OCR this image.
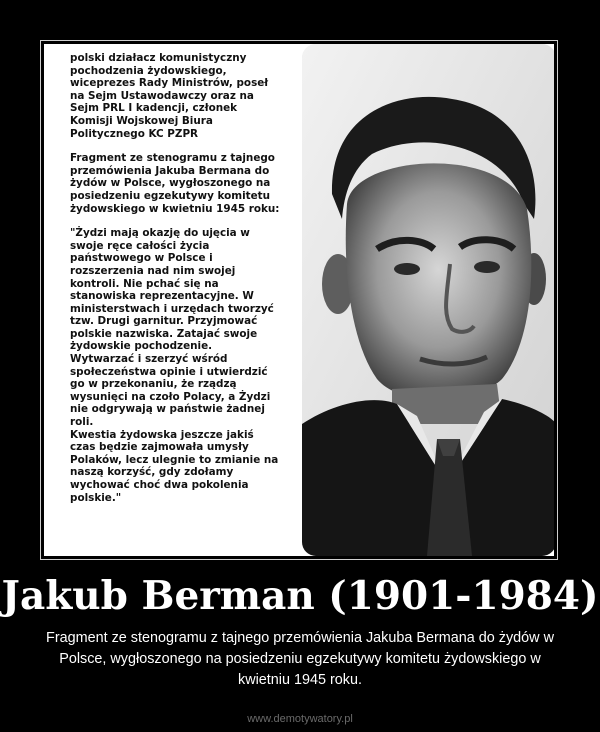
polski działacz komunistyczny
pochodzenia żydowskiego,
wiceprezes Rady Ministrów, poseł
na Sejm Ustawodawczy oraz na
Sejm PRL I kadencji, członek
Komisji Wojskowej Biura
Politycznego KC PZPR

Fragment ze stenogramu z tajnego
przemówienia Jakuba Bermana do
żydów w Polsce, wygłoszonego na
posiedzeniu egzekutywy komitetu
żydowskiego w kwietniu 1945 roku:

"Żydzi mają okazję do ujęcia w
swoje ręce całości życia
państwowego w Polsce i
rozszerzenia nad nim swojej
kontroli. Nie pchać się na
stanowiska reprezentacyjne. W
ministerstwach i urzędach tworzyć
tzw. Drugi garnitur. Przyjmować
polskie nazwiska. Zatajać swoje
żydowskie pochodzenie.
Wytwarzać i szerzyć wśród
społeczeństwa opinie i utwierdzić
go w przekonaniu, że rządzą
wysunięci na czoło Polacy, a Żydzi
nie odgrywają w państwie żadnej
roli.
Kwestia żydowska jeszcze jakiś
czas będzie zajmowała umysły
Polaków, lecz ulegnie to zmianie na
naszą korzyść, gdy zdołamy
wychować choć dwa pokolenia
polskie."

Jakub Berman (1901-1984)

Fragment ze stenogramu z tajnego przemówienia Jakuba Bermana do żydów w Polsce, wygłoszonego na posiedzeniu egzekutywy komitetu żydowskiego w kwietniu 1945 roku.

www.demotywatory.pl
